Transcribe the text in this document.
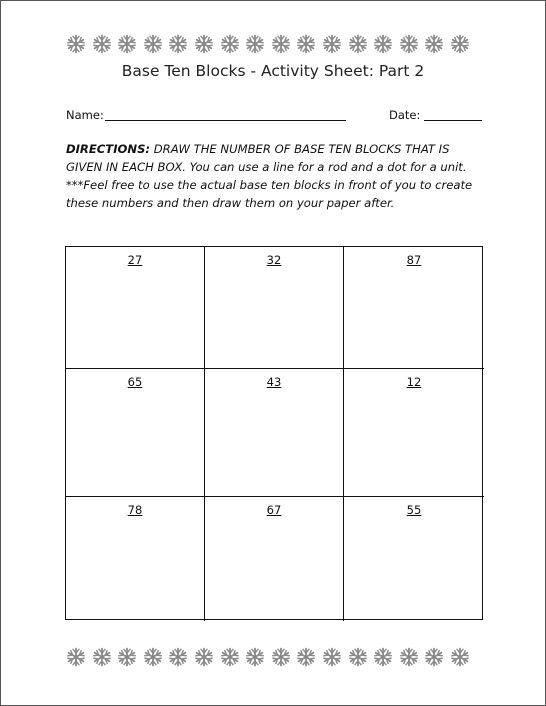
Base Ten Blocks - Activity Sheet: Part 2
Name:	Date:
DIRECTIONS: DRAW THE NUMBER OF BASE TEN BLOCKS THAT IS GIVEN IN EACH BOX. You can use a line for a rod and a dot for a unit. ***Feel free to use the actual base ten blocks in front of you to create these numbers and then draw them on your paper after.
27	32	87
65	43	12
78	67	55
